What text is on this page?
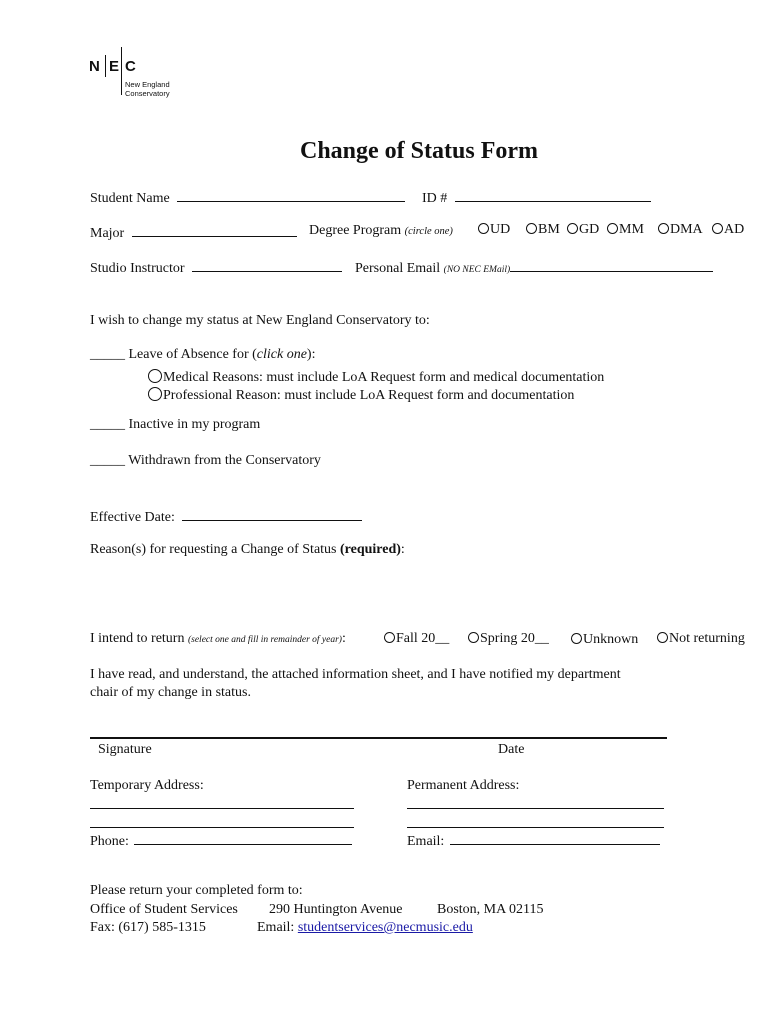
N E C
New England
Conservatory
Change of Status Form
Student Name	ID #
Major	Degree Program (circle one)	UD	BM	GD	MM	DMA	AD
Studio Instructor	Personal Email (NO NEC EMail)
I wish to change my status at New England Conservatory to:
_____ Leave of Absence for (click one):
Medical Reasons: must include LoA Request form and medical documentation
Professional Reason: must include LoA Request form and documentation
_____ Inactive in my program
_____ Withdrawn from the Conservatory
Effective Date:
Reason(s) for requesting a Change of Status (required):
I intend to return (select one and fill in remainder of year):	Fall 20__	Spring 20__	Unknown	Not returning
I have read, and understand, the attached information sheet, and I have notified my department
chair of my change in status.
Signature	Date
Temporary Address:	Permanent Address:
Phone:	Email:
Please return your completed form to:
Office of Student Services 290 Huntington Avenue Boston, MA 02115
Fax: (617) 585-1315	Email: studentservices@necmusic.edu
